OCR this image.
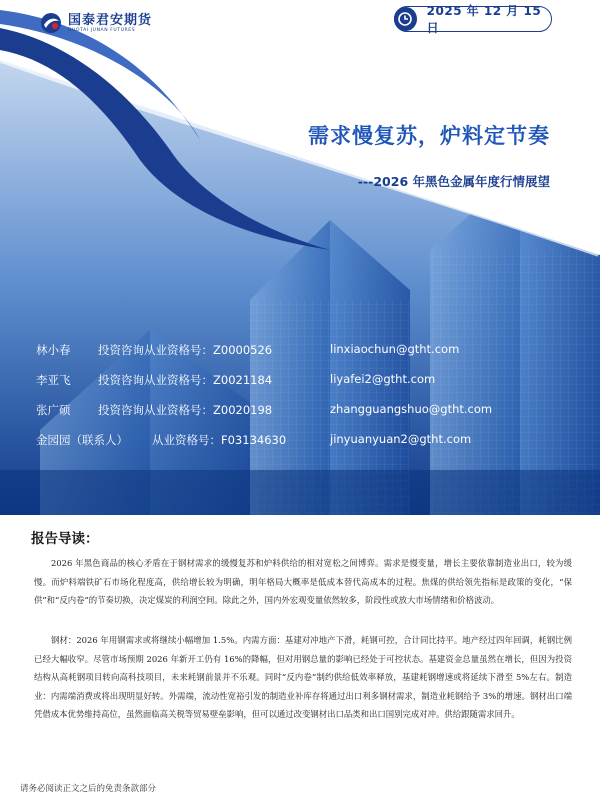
需求慢复苏，炉料定节奏
---2026 年黑色金属年度行情展望
林小春 投资咨询从业资格号：Z0000526	linxiaochun@gtht.com
李亚飞 投资咨询从业资格号：Z0021184	liyafei2@gtht.com
张广硕 投资咨询从业资格号：Z0020198	zhangguangshuo@gtht.com
金园园（联系人） 从业资格号：F03134630	jinyuanyuan2@gtht.com
国泰君安期货
GUOTAI JUNAN FUTURES
2025 年 12 月 15 日
报告导读：

2026 年黑色商品的核心矛盾在于钢材需求的缓慢复苏和炉料供给的相对宽松之间博弈。需求是慢变量，增长主要依靠制造业出口，较为缓慢。而炉料端铁矿石市场化程度高，供给增长较为明确，明年格局大概率是低成本替代高成本的过程。焦煤的供给领先指标是政策的变化，“保供”和“反内卷”的节奏切换，决定煤炭的利润空间。除此之外，国内外宏观变量依然较多，阶段性或放大市场情绪和价格波动。

钢材：2026 年用钢需求或将继续小幅增加 1.5%。内需方面：基建对冲地产下滑，耗钢可控，合计同比持平。地产经过四年回调，耗钢比例已经大幅收窄。尽管市场预期 2026 年新开工仍有 16%的降幅，但对用钢总量的影响已经处于可控状态。基建资金总量虽然在增长，但因为投资结构从高耗钢项目转向高科技项目，未来耗钢前景并不乐观。同时“反内卷”制约供给低效率释放，基建耗钢增速或将延续下滑至 5%左右。制造业：内需端消费或将出现明显好转。外需端，流动性宽裕引发的制造业补库存将通过出口利多钢材需求，制造业耗钢给予 3%的增速。钢材出口端凭借成本优势维持高位，虽然面临高关税等贸易壁垒影响，但可以通过改变钢材出口品类和出口国别完成对冲。供给跟随需求回升。

请务必阅读正文之后的免责条款部分
